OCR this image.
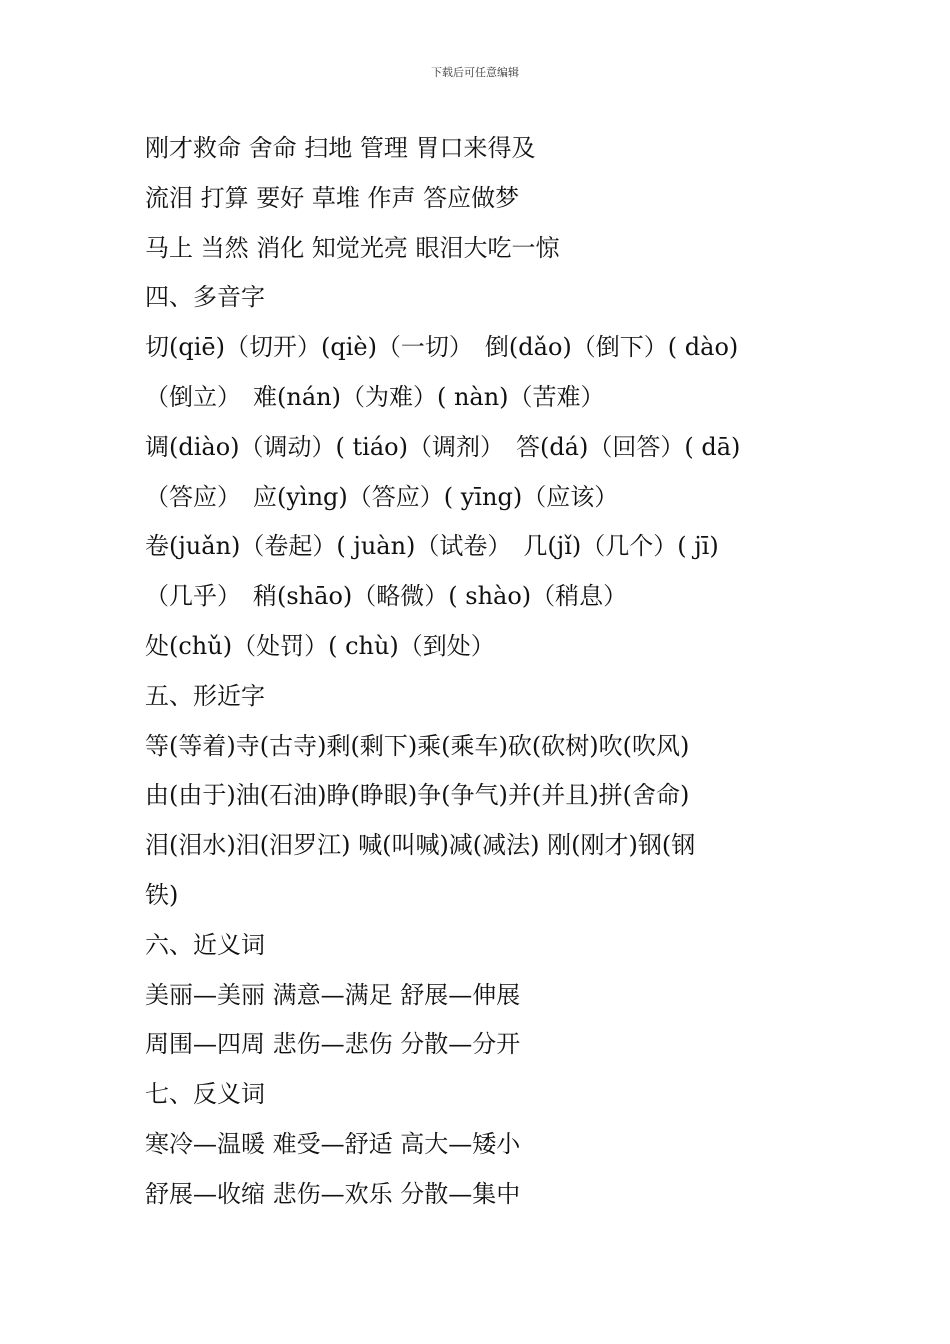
下载后可任意编辑
刚才救命 舍命 扫地 管理 胃口来得及
流泪 打算 要好 草堆 作声 答应做梦
马上 当然 消化 知觉光亮 眼泪大吃一惊
四、多音字
切(qiē)（切开）(qiè)（一切）　倒(dǎo)（倒下）( dào)
（倒立）　难(nán)（为难）( nàn)（苦难）
调(diào)（调动）( tiáo)（调剂）　答(dá)（回答）( dā)
（答应）　应(yìng)（答应）( yīng)（应该）
卷(juǎn)（卷起）( juàn)（试卷）　几(jǐ)（几个）( jī)
（几乎）　稍(shāo)（略微）( shào)（稍息）
处(chǔ)（处罚）( chù)（到处）
五、形近字
等(等着)寺(古寺)剩(剩下)乘(乘车)砍(砍树)吹(吹风)
由(由于)油(石油)睁(睁眼)争(争气)并(并且)拼(舍命)
泪(泪水)汨(汨罗江) 喊(叫喊)减(减法) 刚(刚才)钢(钢
铁)
六、近义词
美丽—美丽 满意—满足 舒展—伸展
周围—四周 悲伤—悲伤 分散—分开
七、反义词
寒冷—温暖 难受—舒适 高大—矮小
舒展—收缩 悲伤—欢乐 分散—集中
